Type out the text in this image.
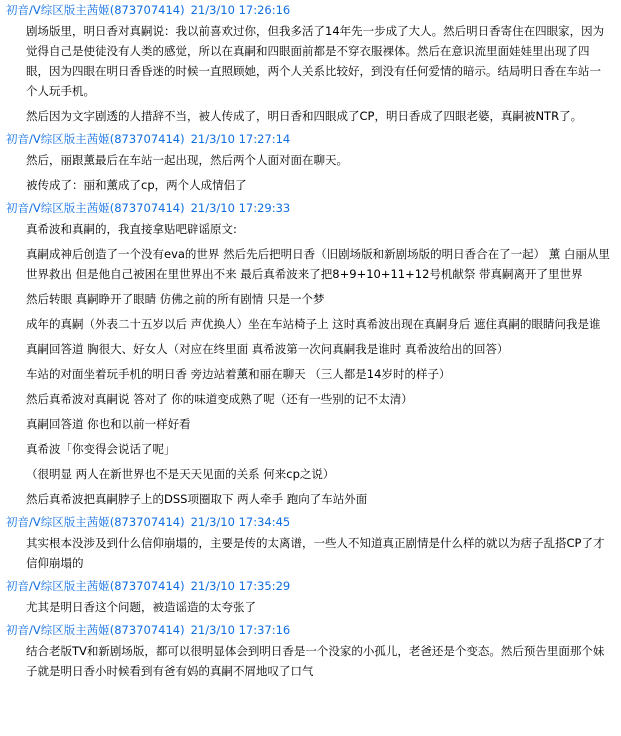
初音/V综区版主茜姬(873707414) 21/3/10 17:26:16
剧场版里，明日香对真嗣说：我以前喜欢过你，但我多活了14年先一步成了大人。然后明日香寄住在四眼家，因为觉得自己是使徒没有人类的感觉，所以在真嗣和四眼面前都是不穿衣服裸体。然后在意识流里面娃娃里出现了四眼，因为四眼在明日香昏迷的时候一直照顾她，两个人关系比较好，到没有任何爱情的暗示。结局明日香在车站一个人玩手机。
然后因为文字剧透的人措辞不当，被人传成了，明日香和四眼成了CP，明日香成了四眼老婆，真嗣被NTR了。
初音/V综区版主茜姬(873707414) 21/3/10 17:27:14
然后，丽跟薰最后在车站一起出现，然后两个人面对面在聊天。
被传成了：丽和薰成了cp，两个人成情侣了
初音/V综区版主茜姬(873707414) 21/3/10 17:29:33
真希波和真嗣的，我直接拿贴吧辟谣原文:
真嗣成神后创造了一个没有eva的世界 然后先后把明日香（旧剧场版和新剧场版的明日香合在了一起） 薰 白丽从里世界救出 但是他自己被困在里世界出不来 最后真希波来了把8+9+10+11+12号机献祭 带真嗣离开了里世界
然后转眼 真嗣睁开了眼睛 仿佛之前的所有剧情 只是一个梦
成年的真嗣（外表二十五岁以后 声优换人）坐在车站椅子上 这时真希波出现在真嗣身后 遮住真嗣的眼睛问我是谁
真嗣回答道 胸很大、好女人（对应在终里面 真希波第一次问真嗣我是谁时 真希波给出的回答）
车站的对面坐着玩手机的明日香 旁边站着薰和丽在聊天 （三人都是14岁时的样子）
然后真希波对真嗣说 答对了 你的味道变成熟了呢（还有一些别的记不太清）
真嗣回答道 你也和以前一样好看
真希波「你变得会说话了呢」
（很明显 两人在新世界也不是天天见面的关系 何来cp之说）
然后真希波把真嗣脖子上的DSS项圈取下 两人牵手 跑向了车站外面
初音/V综区版主茜姬(873707414) 21/3/10 17:34:45
其实根本没涉及到什么信仰崩塌的，主要是传的太离谱，一些人不知道真正剧情是什么样的就以为痞子乱搭CP了才信仰崩塌的
初音/V综区版主茜姬(873707414) 21/3/10 17:35:29
尤其是明日香这个问题，被造谣造的太夸张了
初音/V综区版主茜姬(873707414) 21/3/10 17:37:16
结合老版TV和新剧场版，都可以很明显体会到明日香是一个没家的小孤儿，老爸还是个变态。然后预告里面那个妹子就是明日香小时候看到有爸有妈的真嗣不屑地叹了口气
